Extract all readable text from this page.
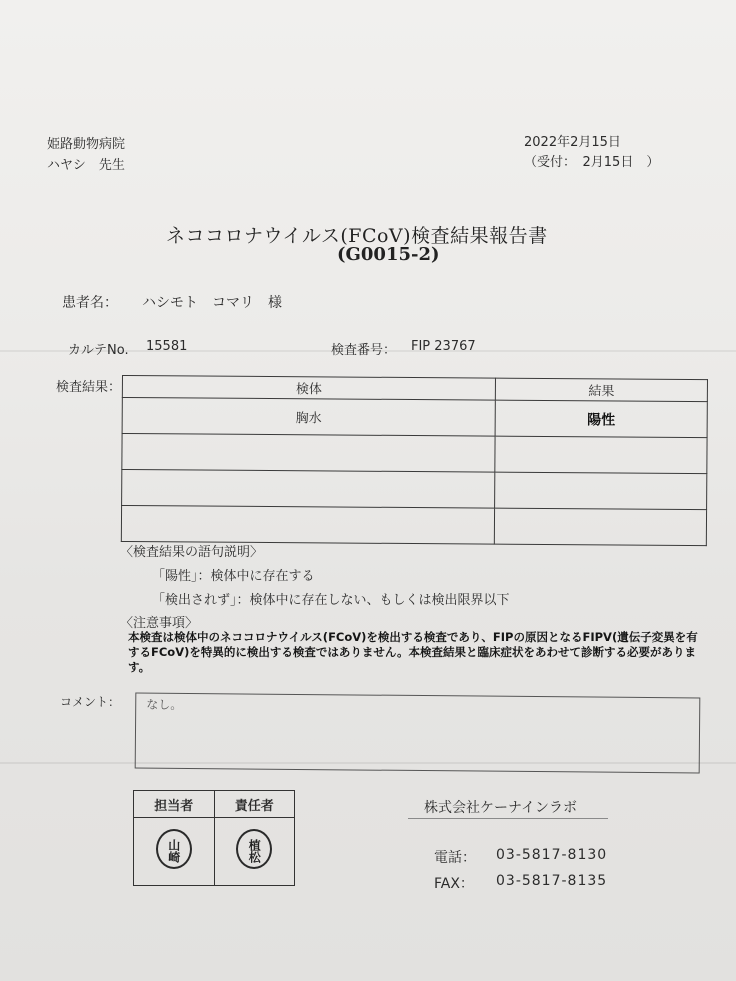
姫路動物病院
ハヤシ　先生
2022年2月15日
（受付：　2月15日　）
ネココロナウイルス(FCoV)検査結果報告書
(G0015-2)
患者名： ハシモト　コマリ　様
カルテNo. 15581	検査番号： FIP 23767
検査結果：	検体	結果
胸水	陽性

〈検査結果の語句説明〉
「陽性」：検体中に存在する
「検出されず」：検体中に存在しない、もしくは検出限界以下
〈注意事項〉
本検査は検体中のネココロナウイルス(FCoV)を検出する検査であり、FIPの原因となるFIPV(遺伝子変異を有するFCoV)を特異的に検出する検査ではありません。本検査結果と臨床症状をあわせて診断する必要があります。
コメント： なし。
担当者	責任者
山崎	植松
株式会社ケーナインラボ
電話： 03-5817-8130
FAX： 03-5817-8135
